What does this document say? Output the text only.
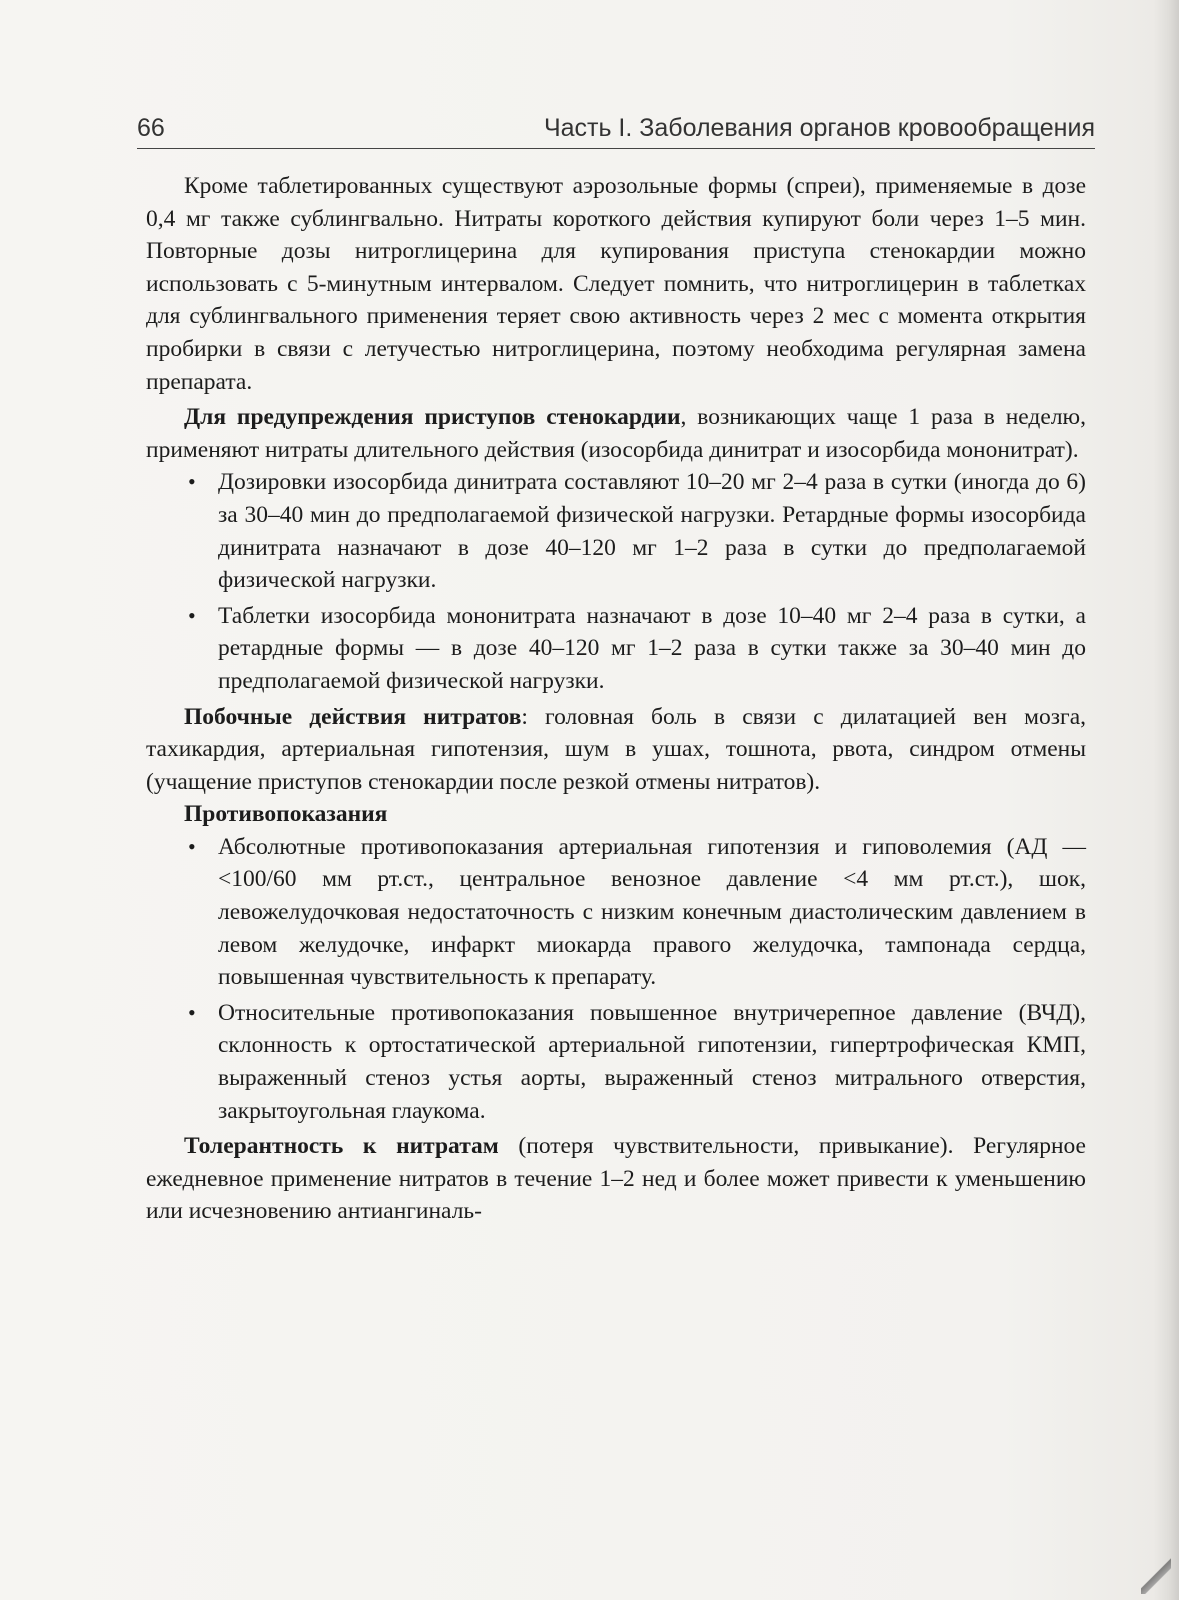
66	Часть I. Заболевания органов кровообращения

Кроме таблетированных существуют аэрозольные формы (спреи), применяемые в дозе 0,4 мг также сублингвально. Нитраты короткого действия купируют боли через 1–5 мин. Повторные дозы нитроглицерина для купирования приступа стенокардии можно использовать с 5-минутным интервалом. Следует помнить, что нитроглицерин в таблетках для сублингвального применения теряет свою активность через 2 мес с момента открытия пробирки в связи с летучестью нитроглицерина, поэтому необходима регулярная замена препарата.

Для предупреждения приступов стенокардии, возникающих чаще 1 раза в неделю, применяют нитраты длительного действия (изосорбида динитрат и изосорбида мононитрат).

• Дозировки изосорбида динитрата составляют 10–20 мг 2–4 раза в сутки (иногда до 6) за 30–40 мин до предполагаемой физической нагрузки. Ретардные формы изосорбида динитрата назначают в дозе 40–120 мг 1–2 раза в сутки до предполагаемой физической нагрузки.
• Таблетки изосорбида мононитрата назначают в дозе 10–40 мг 2–4 раза в сутки, а ретардные формы — в дозе 40–120 мг 1–2 раза в сутки также за 30–40 мин до предполагаемой физической нагрузки.

Побочные действия нитратов: головная боль в связи с дилатацией вен мозга, тахикардия, артериальная гипотензия, шум в ушах, тошнота, рвота, синдром отмены (учащение приступов стенокардии после резкой отмены нитратов).

Противопоказания

• Абсолютные противопоказания артериальная гипотензия и гиповолемия (АД — <100/60 мм рт.ст., центральное венозное давление <4 мм рт.ст.), шок, левожелудочковая недостаточность с низким конечным диастолическим давлением в левом желудочке, инфаркт миокарда правого желудочка, тампонада сердца, повышенная чувствительность к препарату.
• Относительные противопоказания повышенное внутричерепное давление (ВЧД), склонность к ортостатической артериальной гипотензии, гипертрофическая КМП, выраженный стеноз устья аорты, выраженный стеноз митрального отверстия, закрытоугольная глаукома.

Толерантность к нитратам (потеря чувствительности, привыкание). Регулярное ежедневное применение нитратов в течение 1–2 нед и более может привести к уменьшению или исчезновению антиангиналь-
